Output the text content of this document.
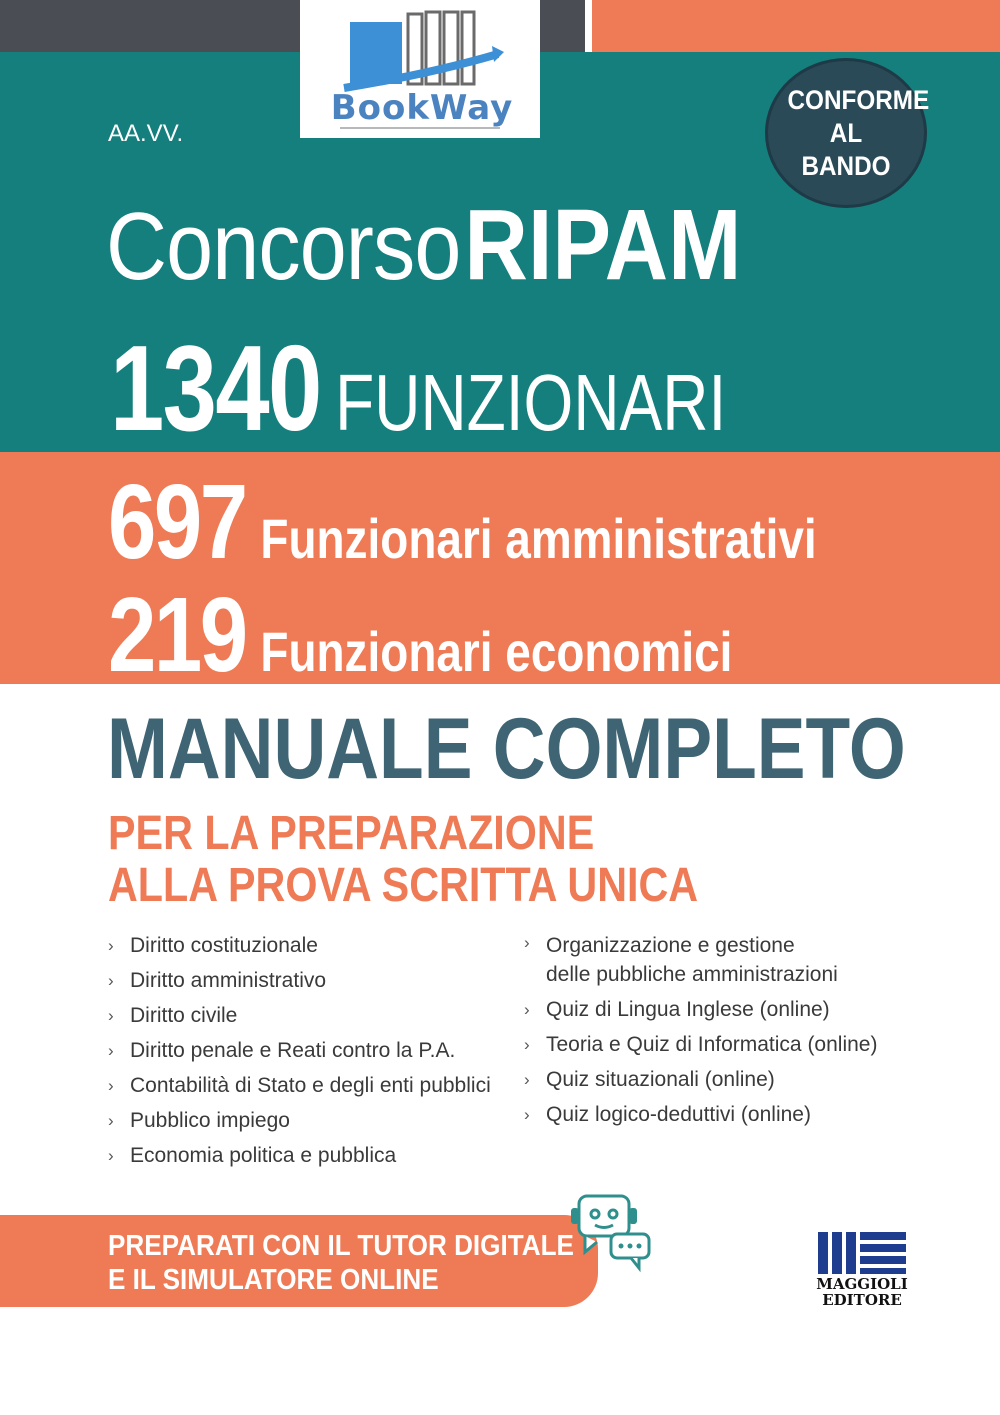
BookWay
AA.VV.
CONFORME AL BANDO
Concorso RIPAM
1340 FUNZIONARI
697 Funzionari amministrativi
219 Funzionari economici
MANUALE COMPLETO
PER LA PREPARAZIONE
ALLA PROVA SCRITTA UNICA
› Diritto costituzionale
› Diritto amministrativo
› Diritto civile
› Diritto penale e Reati contro la P.A.
› Contabilità di Stato e degli enti pubblici
› Pubblico impiego
› Economia politica e pubblica
› Organizzazione e gestione
delle pubbliche amministrazioni
› Quiz di Lingua Inglese (online)
› Teoria e Quiz di Informatica (online)
› Quiz situazionali (online)
› Quiz logico-deduttivi (online)
PREPARATI CON IL TUTOR DIGITALE
E IL SIMULATORE ONLINE	MAGGIOLI
EDITORE
